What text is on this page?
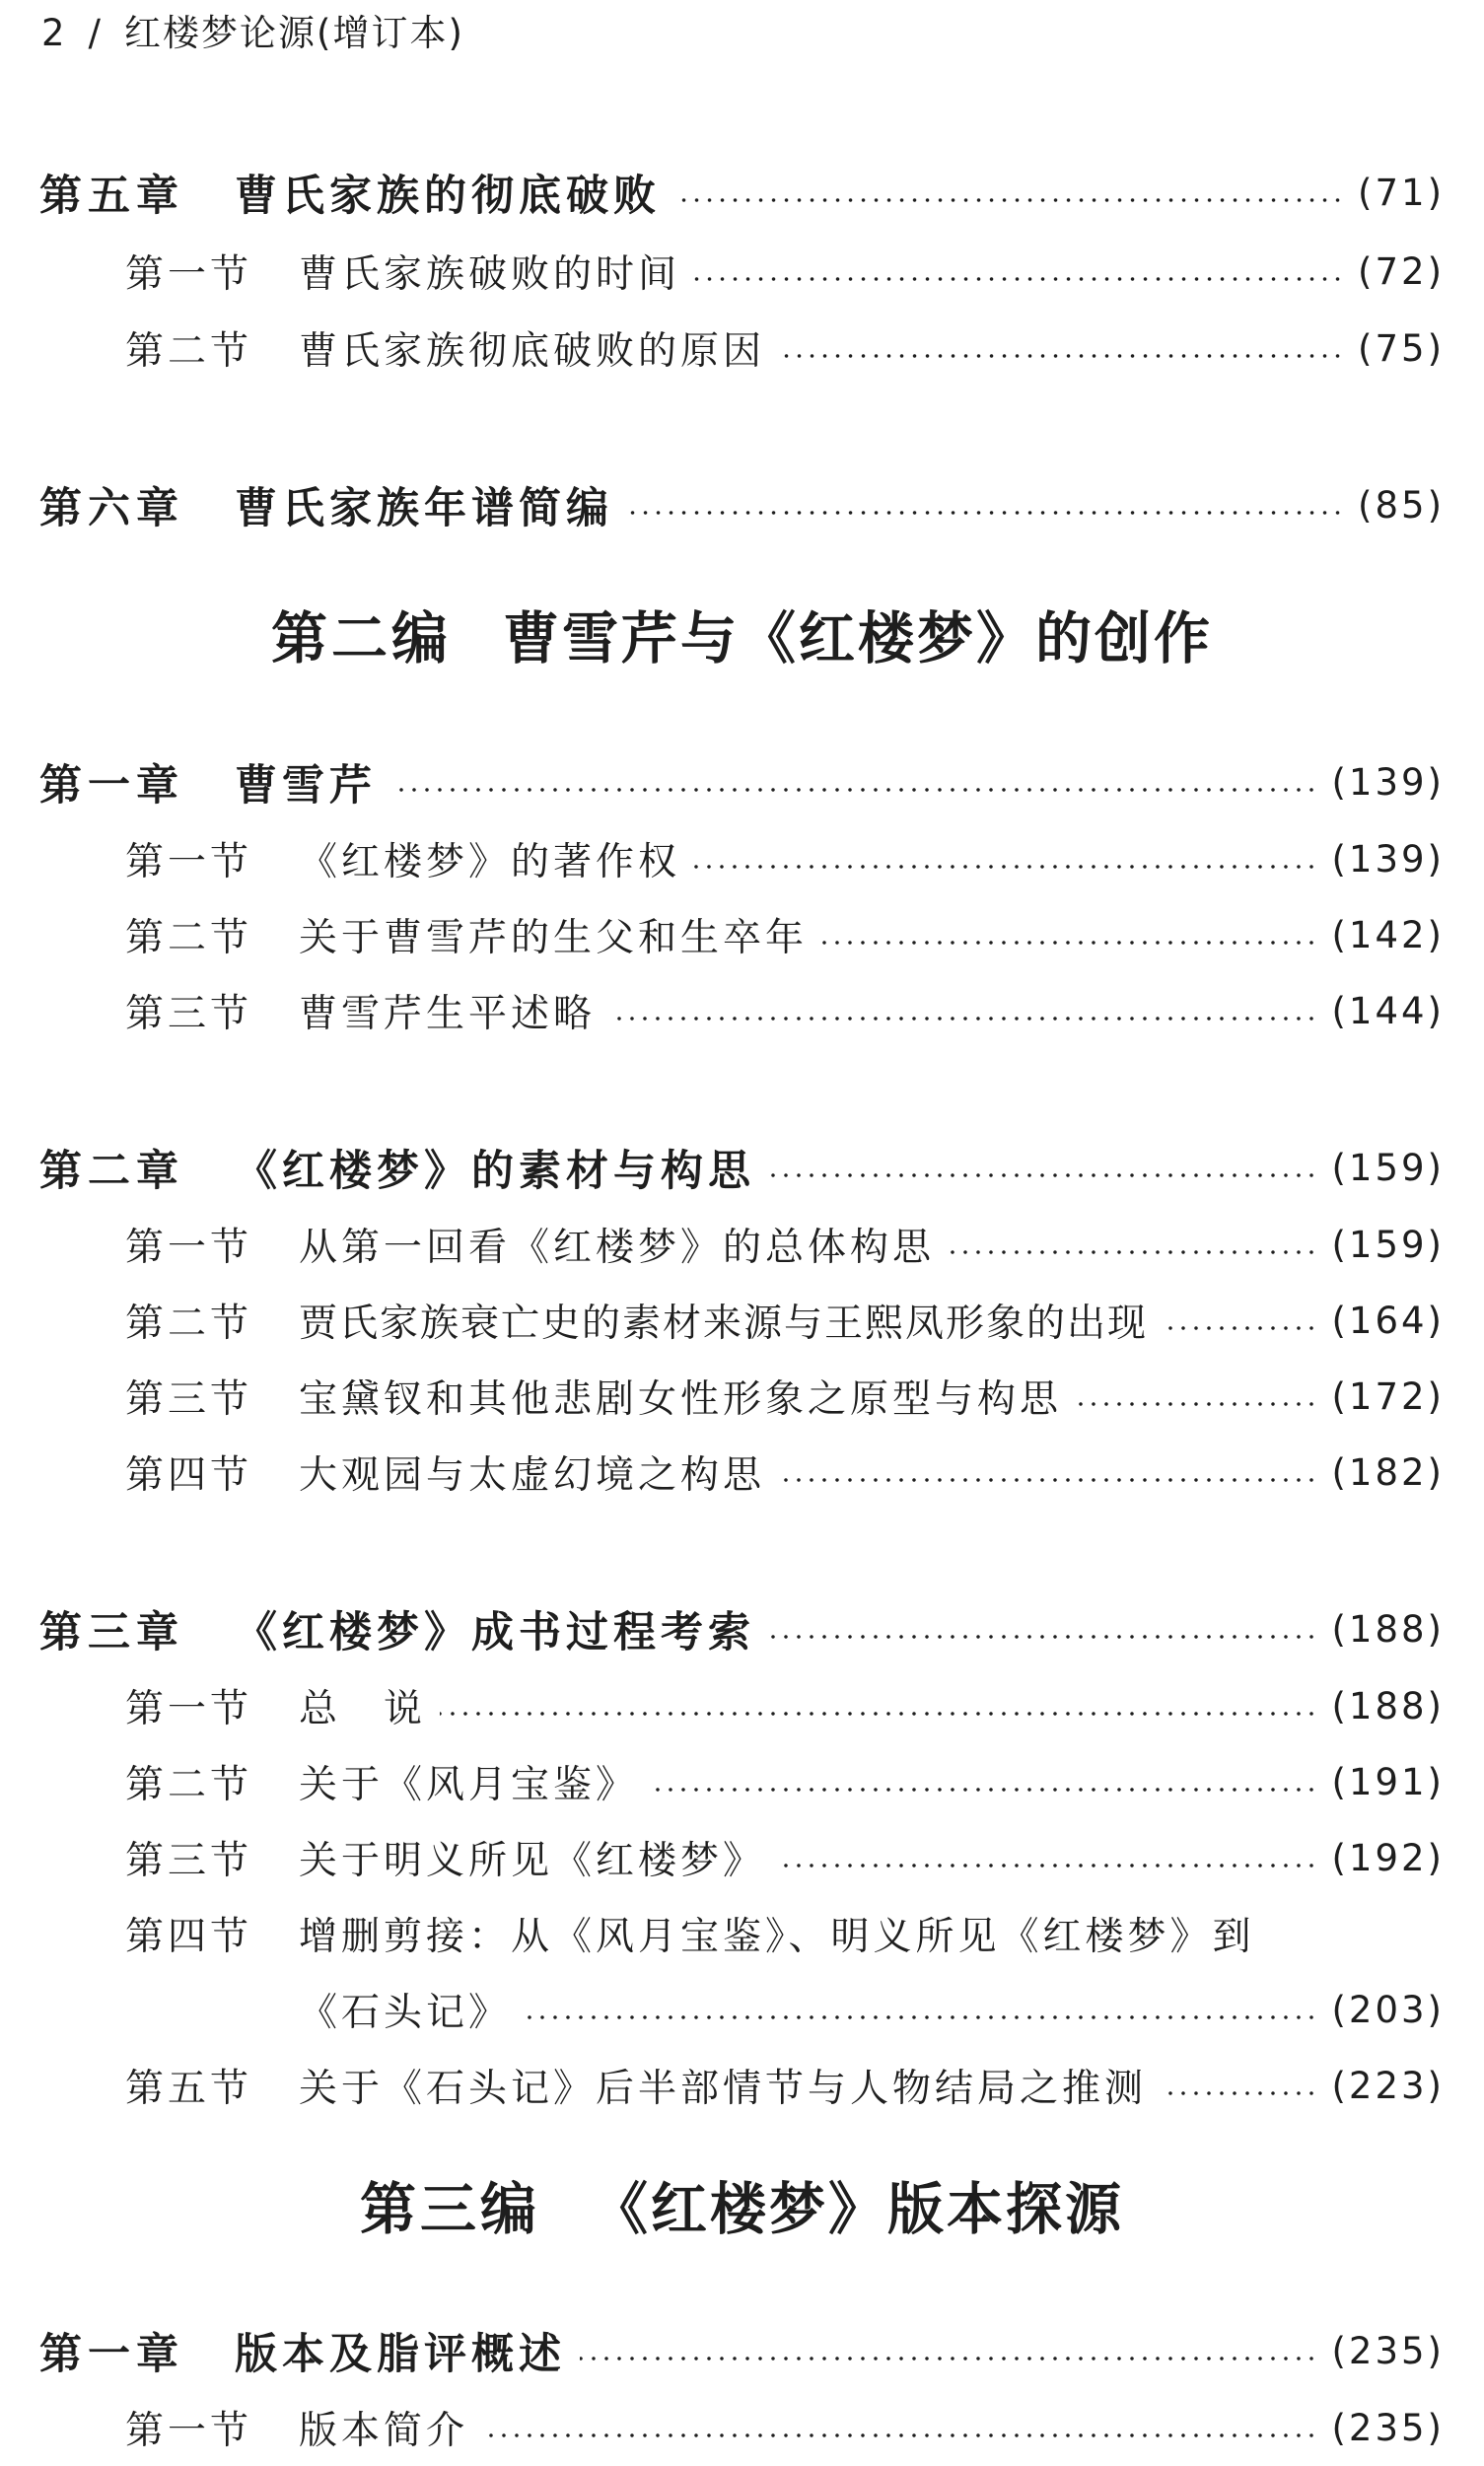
2 / 红楼梦论源(增订本)
第五章	曹氏家族的彻底破败	(71)
第一节	曹氏家族破败的时间	(72)
第二节	曹氏家族彻底破败的原因	(75)
第六章	曹氏家族年谱简编	(85)
第二编 曹雪芹与《红楼梦》的创作
第一章	曹雪芹	(139)
第一节	《红楼梦》的著作权	(139)
第二节	关于曹雪芹的生父和生卒年	(142)
第三节	曹雪芹生平述略	(144)
第二章	《红楼梦》的素材与构思	(159)
第一节	从第一回看《红楼梦》的总体构思	(159)
第二节	贾氏家族衰亡史的素材来源与王熙凤形象的出现	(164)
第三节	宝黛钗和其他悲剧女性形象之原型与构思	(172)
第四节	大观园与太虚幻境之构思	(182)
第三章	《红楼梦》成书过程考索	(188)
第一节	总　说	(188)
第二节	关于《风月宝鉴》	(191)
第三节	关于明义所见《红楼梦》	(192)
第四节	增删剪接：从《风月宝鉴》、明义所见《红楼梦》到
《石头记》	(203)
第五节	关于《石头记》后半部情节与人物结局之推测	(223)
第三编 《红楼梦》版本探源
第一章	版本及脂评概述	(235)
第一节	版本简介	(235)
